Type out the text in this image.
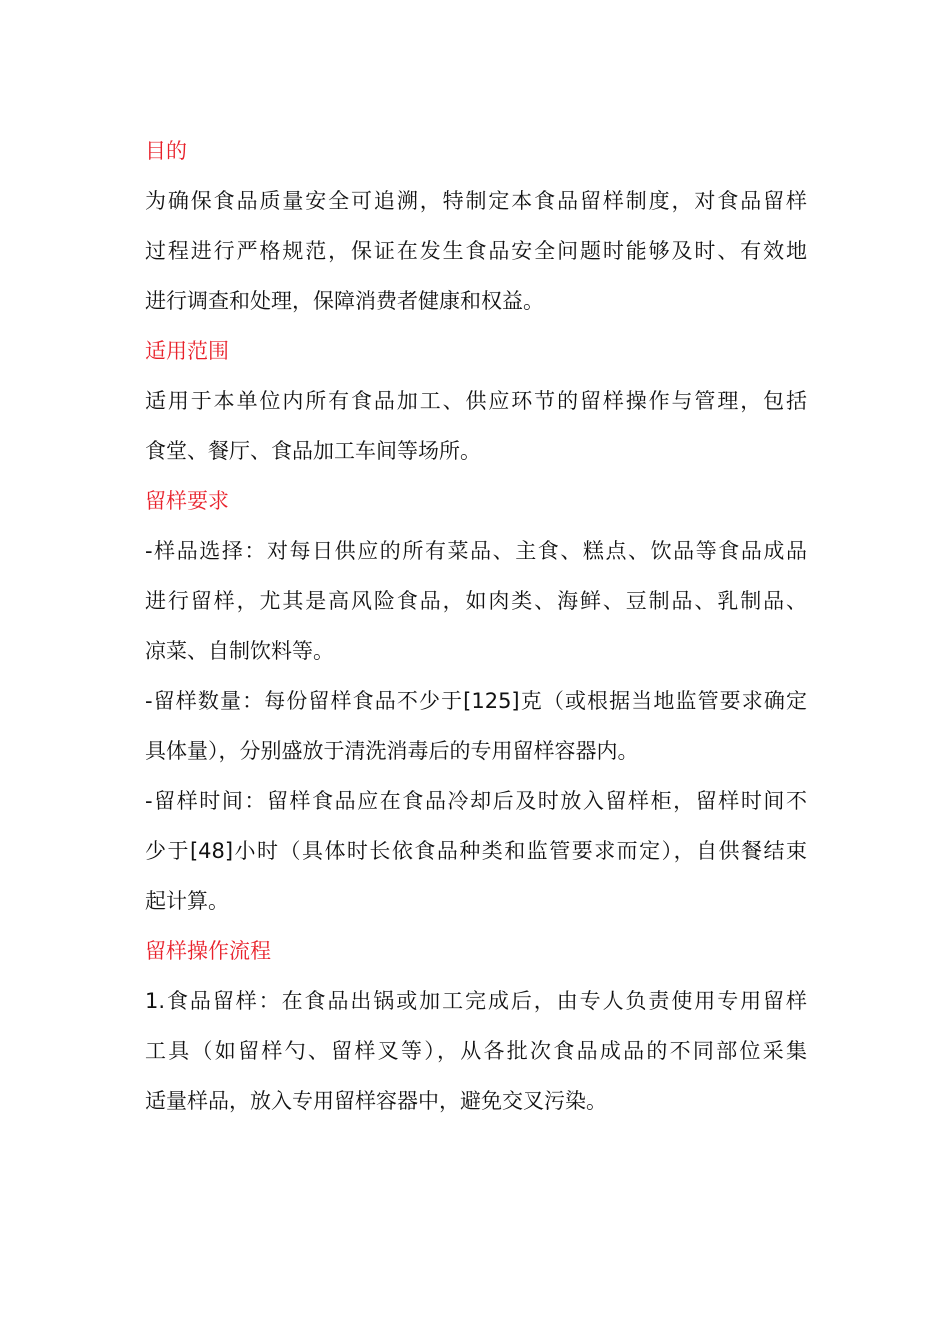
目的

为确保食品质量安全可追溯，特制定本食品留样制度，对食品留样
过程进行严格规范，保证在发生食品安全问题时能够及时、有效地
进行调查和处理，保障消费者健康和权益。

适用范围

适用于本单位内所有食品加工、供应环节的留样操作与管理，包括
食堂、餐厅、食品加工车间等场所。

留样要求

-样品选择：对每日供应的所有菜品、主食、糕点、饮品等食品成品
进行留样，尤其是高风险食品，如肉类、海鲜、豆制品、乳制品、
凉菜、自制饮料等。

-留样数量：每份留样食品不少于[125]克（或根据当地监管要求确定
具体量），分别盛放于清洗消毒后的专用留样容器内。

-留样时间：留样食品应在食品冷却后及时放入留样柜，留样时间不
少于[48]小时（具体时长依食品种类和监管要求而定），自供餐结束
起计算。

留样操作流程

1.食品留样：在食品出锅或加工完成后，由专人负责使用专用留样
工具（如留样勺、留样叉等），从各批次食品成品的不同部位采集
适量样品，放入专用留样容器中，避免交叉污染。
